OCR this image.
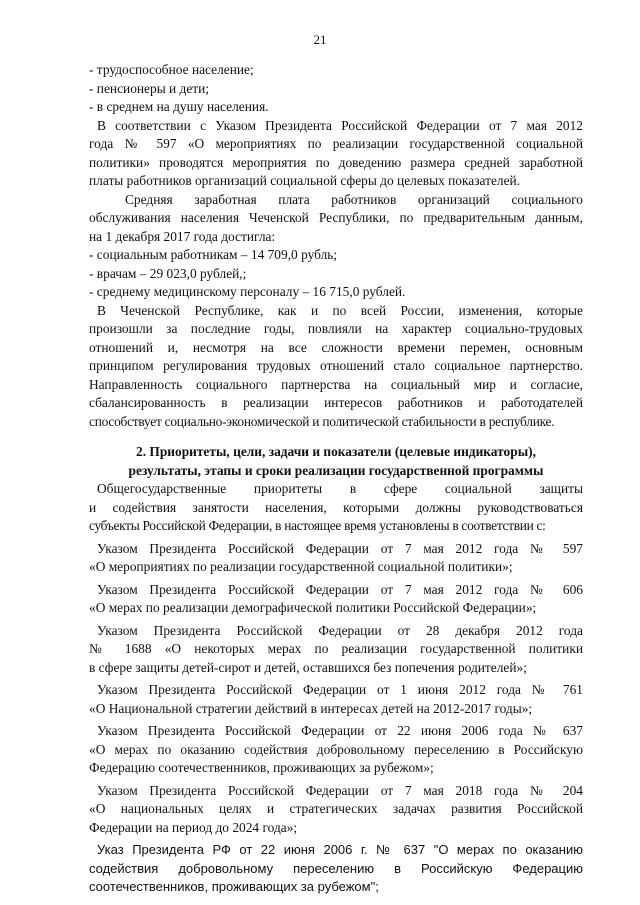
21
- трудоспособное население;
- пенсионеры и дети;
- в среднем на душу населения.
В соответствии с Указом Президента Российской Федерации от 7 мая 2012
года № 597 «О мероприятиях по реализации государственной социальной
политики» проводятся мероприятия по доведению размера средней заработной
платы работников организаций социальной сферы до целевых показателей.
Средняя заработная плата работников организаций социального
обслуживания населения Чеченской Республики, по предварительным данным,
на 1 декабря 2017 года достигла:
- социальным работникам – 14 709,0 рубль;
- врачам – 29 023,0 рублей,;
- среднему медицинскому персоналу – 16 715,0 рублей.
В Чеченской Республике, как и по всей России, изменения, которые
произошли за последние годы, повлияли на характер социально-трудовых
отношений и, несмотря на все сложности времени перемен, основным
принципом регулирования трудовых отношений стало социальное партнерство.
Направленность социального партнерства на социальный мир и согласие,
сбалансированность в реализации интересов работников и работодателей
способствует социально-экономической и политической стабильности в республике.
2. Приоритеты, цели, задачи и показатели (целевые индикаторы),
результаты, этапы и сроки реализации государственной программы
Общегосударственные приоритеты в сфере социальной защиты
и содействия занятости населения, которыми должны руководствоваться
субъекты Российской Федерации, в настоящее время установлены в соответствии с:
Указом Президента Российской Федерации от 7 мая 2012 года № 597
«О мероприятиях по реализации государственной социальной политики»;
Указом Президента Российской Федерации от 7 мая 2012 года № 606
«О мерах по реализации демографической политики Российской Федерации»;
Указом Президента Российской Федерации от 28 декабря 2012 года
№ 1688 «О некоторых мерах по реализации государственной политики
в сфере защиты детей-сирот и детей, оставшихся без попечения родителей»;
Указом Президента Российской Федерации от 1 июня 2012 года № 761
«О Национальной стратегии действий в интересах детей на 2012-2017 годы»;
Указом Президента Российской Федерации от 22 июня 2006 года № 637
«О мерах по оказанию содействия добровольному переселению в Российскую
Федерацию соотечественников, проживающих за рубежом»;
Указом Президента Российской Федерации от 7 мая 2018 года № 204
«О национальных целях и стратегических задачах развития Российской
Федерации на период до 2024 года»;
Указ Президента РФ от 22 июня 2006 г. № 637 "О мерах по оказанию
содействия добровольному переселению в Российскую Федерацию
соотечественников, проживающих за рубежом";
